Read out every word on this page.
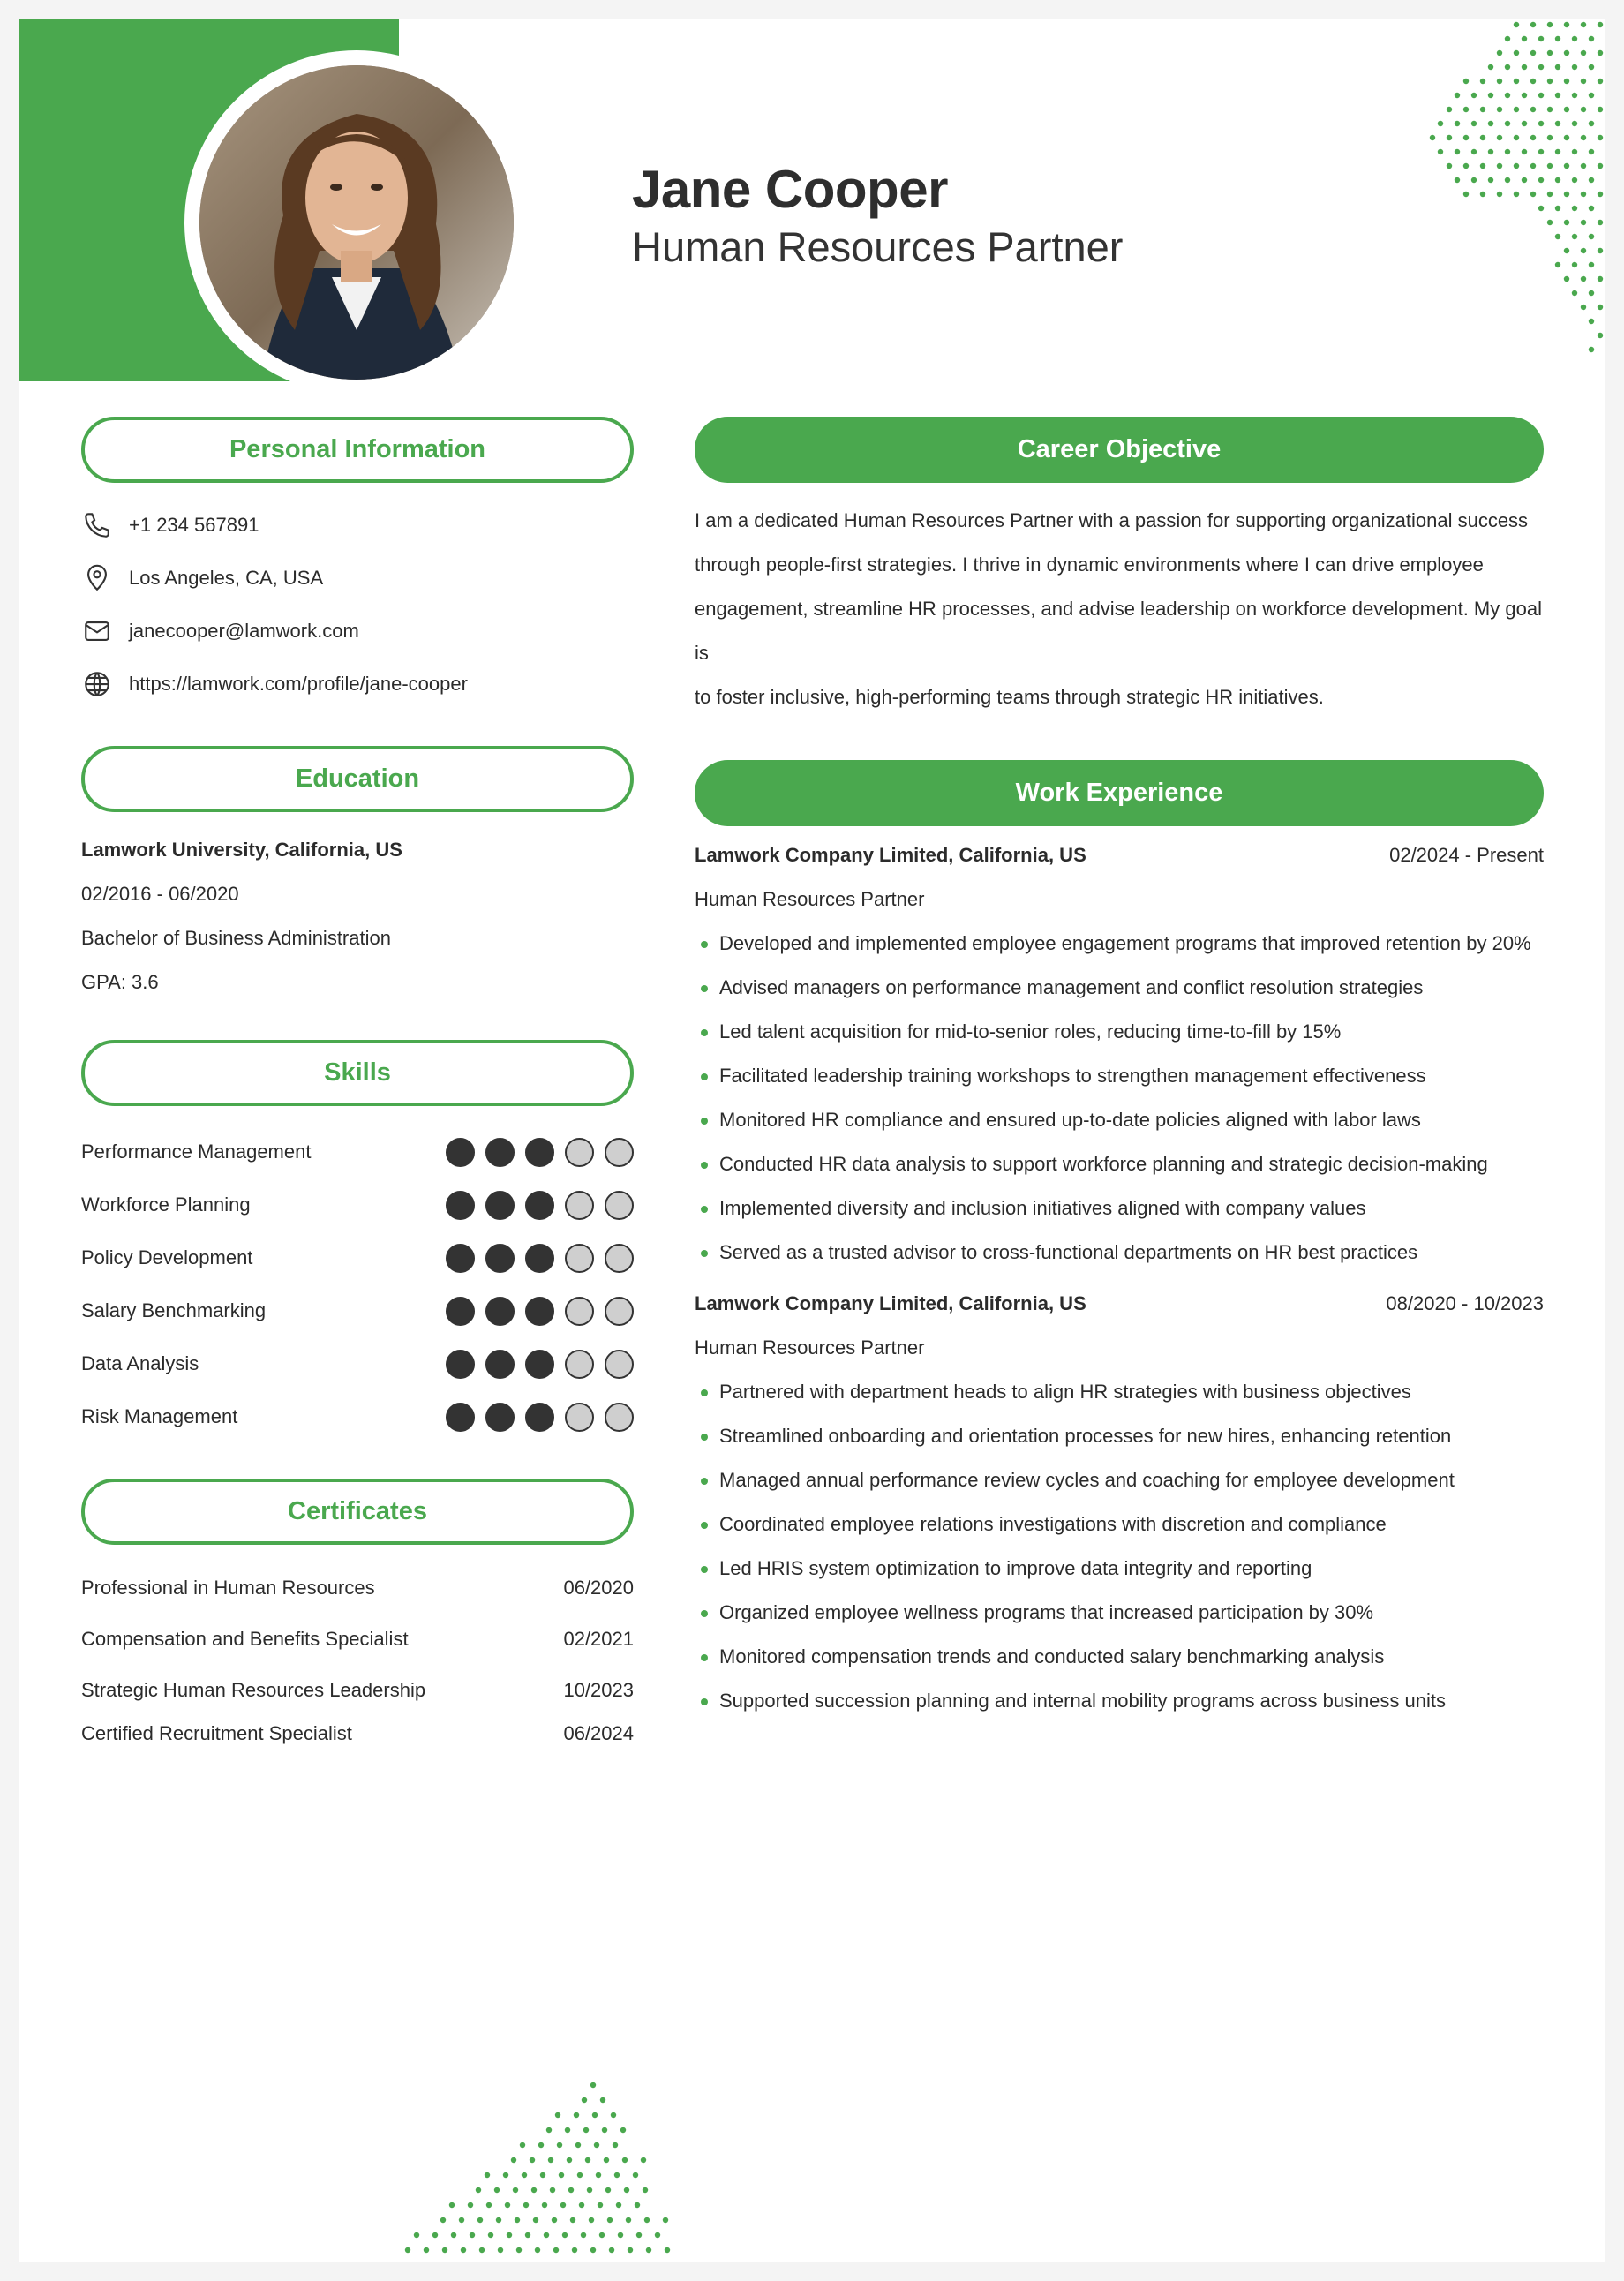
Jane Cooper
Human Resources Partner
Personal Information
+1 234 567891
Los Angeles, CA, USA
janecooper@lamwork.com
https://lamwork.com/profile/jane-cooper
Education
Lamwork University, California, US
02/2016 - 06/2020
Bachelor of Business Administration
GPA: 3.6
Skills
Performance Management
Workforce Planning
Policy Development
Salary Benchmarking
Data Analysis
Risk Management
Certificates
Professional in Human Resources	06/2020
Compensation and Benefits Specialist	02/2021
Strategic Human Resources Leadership	10/2023
Certified Recruitment Specialist	06/2024
Career Objective
I am a dedicated Human Resources Partner with a passion for supporting organizational success
through people-first strategies. I thrive in dynamic environments where I can drive employee
engagement, streamline HR processes, and advise leadership on workforce development. My goal is
to foster inclusive, high-performing teams through strategic HR initiatives.
Work Experience
Lamwork Company Limited, California, US	02/2024 - Present
Human Resources Partner
Developed and implemented employee engagement programs that improved retention by 20%
Advised managers on performance management and conflict resolution strategies
Led talent acquisition for mid-to-senior roles, reducing time-to-fill by 15%
Facilitated leadership training workshops to strengthen management effectiveness
Monitored HR compliance and ensured up-to-date policies aligned with labor laws
Conducted HR data analysis to support workforce planning and strategic decision-making
Implemented diversity and inclusion initiatives aligned with company values
Served as a trusted advisor to cross-functional departments on HR best practices
Lamwork Company Limited, California, US	08/2020 - 10/2023
Human Resources Partner
Partnered with department heads to align HR strategies with business objectives
Streamlined onboarding and orientation processes for new hires, enhancing retention
Managed annual performance review cycles and coaching for employee development
Coordinated employee relations investigations with discretion and compliance
Led HRIS system optimization to improve data integrity and reporting
Organized employee wellness programs that increased participation by 30%
Monitored compensation trends and conducted salary benchmarking analysis
Supported succession planning and internal mobility programs across business units
